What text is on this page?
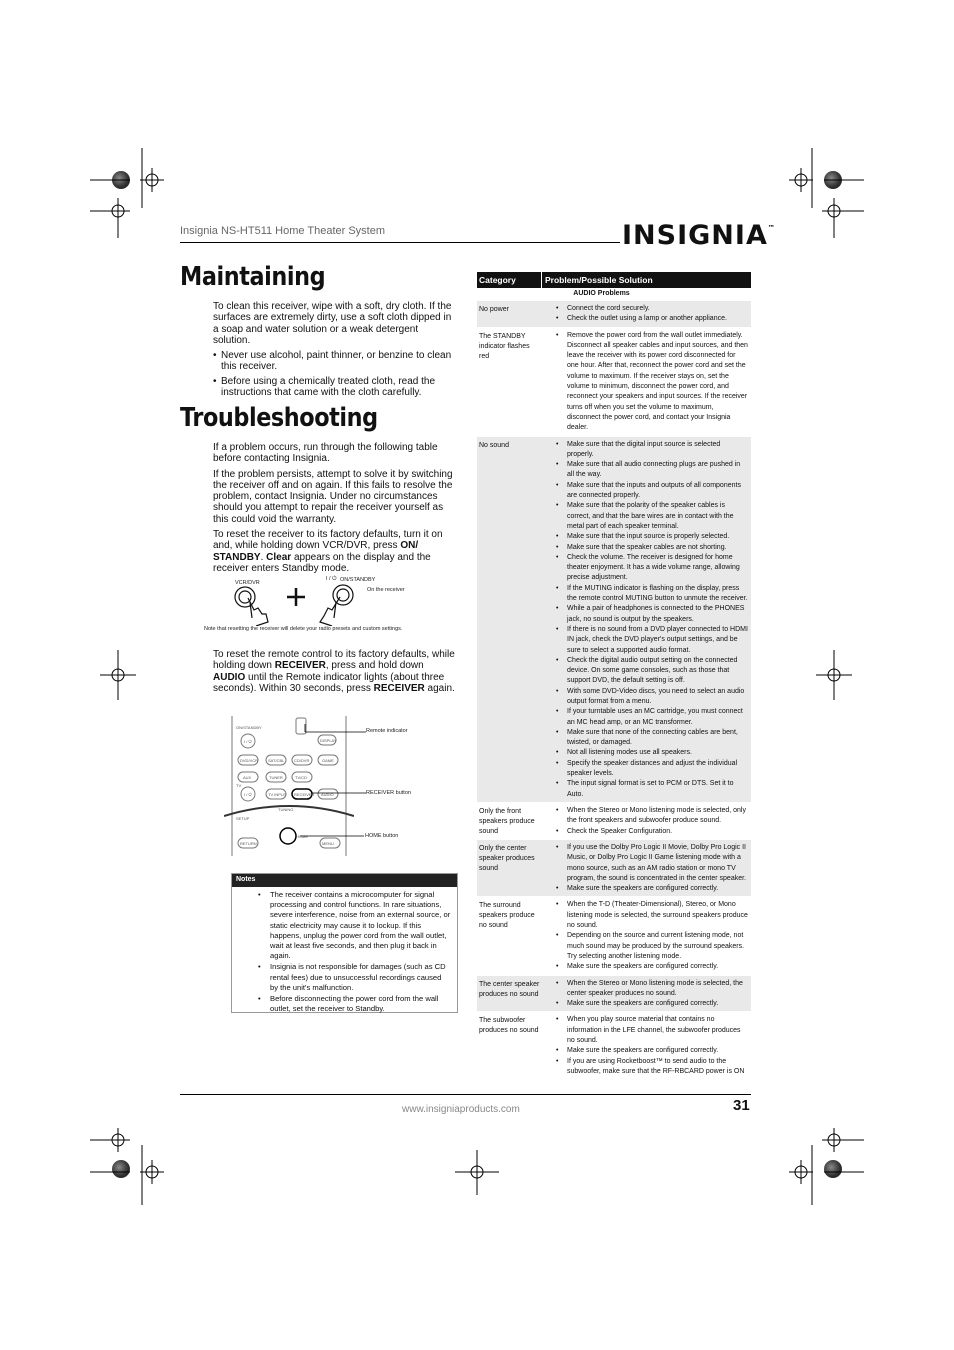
Insignia NS-HT511 Home Theater System	INSIGNIA™
Maintaining

To clean this receiver, wipe with a soft, dry cloth. If the surfaces are extremely dirty, use a soft cloth dipped in a soap and water solution or a weak detergent solution.

• Never use alcohol, paint thinner, or benzine to clean this receiver.
• Before using a chemically treated cloth, read the instructions that came with the cloth carefully.
Troubleshooting

If a problem occurs, run through the following table before contacting Insignia.

If the problem persists, attempt to solve it by switching the receiver off and on again. If this fails to resolve the problem, contact Insignia. Under no circumstances should you attempt to repair the receiver yourself as this could void the warranty.

To reset the receiver to its factory defaults, turn it on and, while holding down VCR/DVR, press ON/ STANDBY. Clear appears on the display and the receiver enters Standby mode.

VCR/DVR
I / ⏻ ON/STANDBY
On the receiver
Note that resetting the receiver will delete your radio presets and custom settings.

To reset the remote control to its factory defaults, while holding down RECEIVER, press and hold down AUDIO until the Remote indicator lights (about three seconds). Within 30 seconds, press RECEIVER again.

ON/STANDBY
I / ⏻	DISPLAY
DVD/VCR SAT/CBL CD/DVR	GAME
AUX	TUNER	TV/CD
TV
I / ⏻	TV INPUT RECEIVER AUDIO
SETUP
TUNING
HOME
RETURN	MENU
Remote indicator
RECEIVER button
HOME button
Notes
• The receiver contains a microcomputer for signal processing and control functions. In rare situations, severe interference, noise from an external source, or static electricity may cause it to lockup. If this happens, unplug the power cord from the wall outlet, wait at least five seconds, and then plug it back in again.
• Insignia is not responsible for damages (such as CD rental fees) due to unsuccessful recordings caused by the unit's malfunction.
• Before disconnecting the power cord from the wall outlet, set the receiver to Standby.
Category	Problem/Possible Solution
AUDIO Problems
No power	• Connect the cord securely.
• Check the outlet using a lamp or another appliance.
The STANDBY indicator flashes red
• Remove the power cord from the wall outlet immediately. Disconnect all speaker cables and input sources, and then leave the receiver with its power cord disconnected for one hour. After that, reconnect the power cord and set the volume to maximum. If the receiver stays on, set the volume to minimum, disconnect the power cord, and reconnect your speakers and input sources. If the receiver turns off when you set the volume to maximum, disconnect the power cord, and contact your Insignia dealer.
No sound	• Make sure that the digital input source is selected properly.
• Make sure that all audio connecting plugs are pushed in all the way.
• Make sure that the inputs and outputs of all components are connected properly.
• Make sure that the polarity of the speaker cables is correct, and that the bare wires are in contact with the metal part of each speaker terminal.
• Make sure that the input source is properly selected.
• Make sure that the speaker cables are not shorting.
• Check the volume. The receiver is designed for home theater enjoyment. It has a wide volume range, allowing precise adjustment.
• If the MUTING indicator is flashing on the display, press the remote control MUTING button to unmute the receiver.
• While a pair of headphones is connected to the PHONES jack, no sound is output by the speakers.
• If there is no sound from a DVD player connected to HDMI IN jack, check the DVD player's output settings, and be sure to select a supported audio format.
• Check the digital audio output setting on the connected device. On some game consoles, such as those that support DVD, the default setting is off.
• With some DVD-Video discs, you need to select an audio output format from a menu.
• If your turntable uses an MC cartridge, you must connect an MC head amp, or an MC transformer.
• Make sure that none of the connecting cables are bent, twisted, or damaged.
• Not all listening modes use all speakers.
• Specify the speaker distances and adjust the individual speaker levels.
• The input signal format is set to PCM or DTS. Set it to Auto.
Only the front speakers produce sound
• When the Stereo or Mono listening mode is selected, only the front speakers and subwoofer produce sound.
• Check the Speaker Configuration.
Only the center speaker produces sound
• If you use the Dolby Pro Logic II Movie, Dolby Pro Logic II Music, or Dolby Pro Logic II Game listening mode with a mono source, such as an AM radio station or mono TV program, the sound is concentrated in the center speaker.
• Make sure the speakers are configured correctly.
The surround speakers produce no sound
• When the T-D (Theater-Dimensional), Stereo, or Mono listening mode is selected, the surround speakers produce no sound.
• Depending on the source and current listening mode, not much sound may be produced by the surround speakers. Try selecting another listening mode.
• Make sure the speakers are configured correctly.
The center speaker produces no sound
• When the Stereo or Mono listening mode is selected, the center speaker produces no sound.
• Make sure the speakers are configured correctly.
The subwoofer produces no sound
• When you play source material that contains no information in the LFE channel, the subwoofer produces no sound.
• Make sure the speakers are configured correctly.
• If you are using Rocketboost™ to send audio to the subwoofer, make sure that the RF-RBCARD power is ON
www.insigniaproducts.com	31
